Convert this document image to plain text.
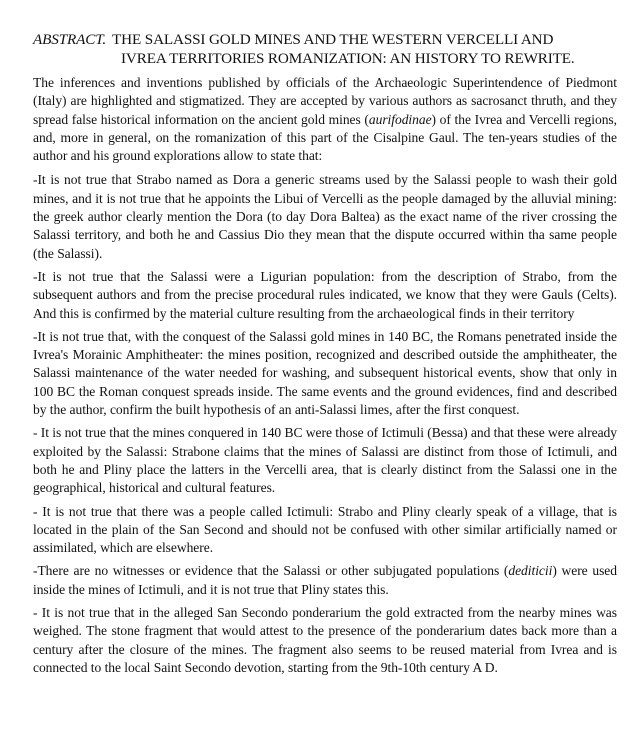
ABSTRACT. THE SALASSI GOLD MINES AND THE WESTERN VERCELLI AND
IVREA TERRITORIES ROMANIZATION: AN HISTORY TO REWRITE.

The inferences and inventions published by officials of the Archaeologic Superintendence of Piedmont (Italy) are highlighted and stigmatized. They are accepted by various authors as sacrosanct thruth, and they spread false historical information on the ancient gold mines (aurifodinae) of the Ivrea and Vercelli regions, and, more in general, on the romanization of this part of the Cisalpine Gaul. The ten-years studies of the author and his ground explorations allow to state that:

-It is not true that Strabo named as Dora a generic streams used by the Salassi people to wash their gold mines, and it is not true that he appoints the Libui of Vercelli as the people damaged by the alluvial mining: the greek author clearly mention the Dora (to day Dora Baltea) as the exact name of the river crossing the Salassi territory, and both he and Cassius Dio they mean that the dispute occurred within tha same people (the Salassi).

-It is not true that the Salassi were a Ligurian population: from the description of Strabo, from the subsequent authors and from the precise procedural rules indicated, we know that they were Gauls (Celts). And this is confirmed by the material culture resulting from the archaeological finds in their territory

-It is not true that, with the conquest of the Salassi gold mines in 140 BC, the Romans penetrated inside the Ivrea's Morainic Amphitheater: the mines position, recognized and described outside the amphitheater, the Salassi maintenance of the water needed for washing, and subsequent historical events, show that only in 100 BC the Roman conquest spreads inside. The same events and the ground evidences, find and described by the author, confirm the built hypothesis of an anti-Salassi limes, after the first conquest.

- It is not true that the mines conquered in 140 BC were those of Ictimuli (Bessa) and that these were already exploited by the Salassi: Strabone claims that the mines of Salassi are distinct from those of Ictimuli, and both he and Pliny place the latters in the Vercelli area, that is clearly distinct from the Salassi one in the geographical, historical and cultural features.

- It is not true that there was a people called Ictimuli: Strabo and Pliny clearly speak of a village, that is located in the plain of the San Second and should not be confused with other similar artificially named or assimilated, which are elsewhere.

-There are no witnesses or evidence that the Salassi or other subjugated populations (dediticii) were used inside the mines of Ictimuli, and it is not true that Pliny states this.

- It is not true that in the alleged San Secondo ponderarium the gold extracted from the nearby mines was weighed. The stone fragment that would attest to the presence of the ponderarium dates back more than a century after the closure of the mines. The fragment also seems to be reused material from Ivrea and is connected to the local Saint Secondo devotion, starting from the 9th-10th century A D.
